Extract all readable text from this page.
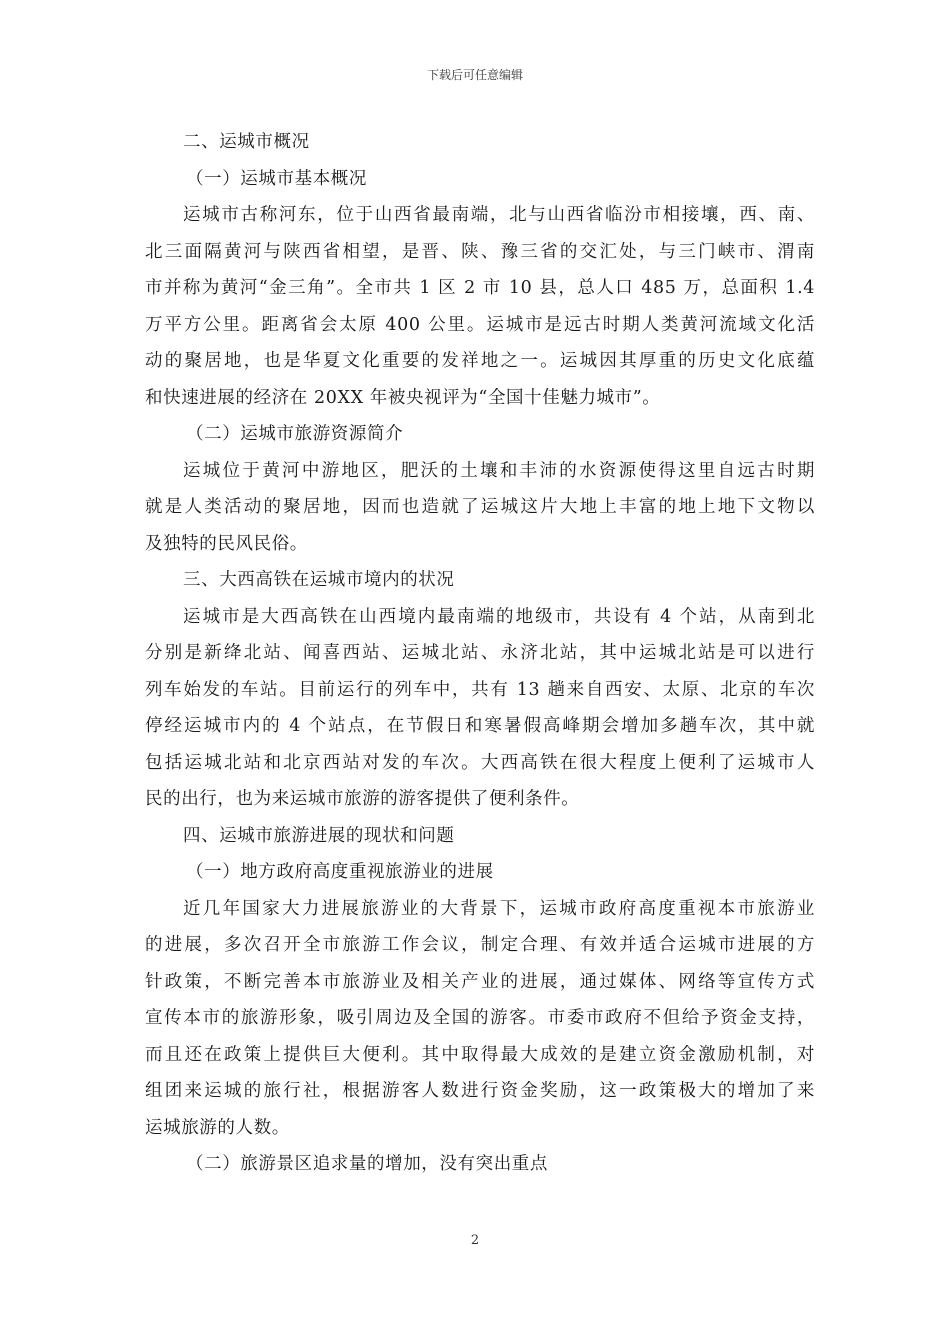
下载后可任意编辑
二、运城市概况
（一）运城市基本概况
运城市古称河东，位于山西省最南端，北与山西省临汾市相接壤，西、南、
北三面隔黄河与陕西省相望，是晋、陕、豫三省的交汇处，与三门峡市、渭南
市并称为黄河“金三角”。全市共 1 区 2 市 10 县，总人口 485 万，总面积 1.4
万平方公里。距离省会太原 400 公里。运城市是远古时期人类黄河流域文化活
动的聚居地，也是华夏文化重要的发祥地之一。运城因其厚重的历史文化底蕴
和快速进展的经济在 20XX 年被央视评为“全国十佳魅力城市”。
（二）运城市旅游资源简介
运城位于黄河中游地区，肥沃的土壤和丰沛的水资源使得这里自远古时期
就是人类活动的聚居地，因而也造就了运城这片大地上丰富的地上地下文物以
及独特的民风民俗。
三、大西高铁在运城市境内的状况
运城市是大西高铁在山西境内最南端的地级市，共设有 4 个站，从南到北
分别是新绛北站、闻喜西站、运城北站、永济北站，其中运城北站是可以进行
列车始发的车站。目前运行的列车中，共有 13 趟来自西安、太原、北京的车次
停经运城市内的 4 个站点，在节假日和寒暑假高峰期会增加多趟车次，其中就
包括运城北站和北京西站对发的车次。大西高铁在很大程度上便利了运城市人
民的出行，也为来运城市旅游的游客提供了便利条件。
四、运城市旅游进展的现状和问题
（一）地方政府高度重视旅游业的进展
近几年国家大力进展旅游业的大背景下，运城市政府高度重视本市旅游业
的进展，多次召开全市旅游工作会议，制定合理、有效并适合运城市进展的方
针政策，不断完善本市旅游业及相关产业的进展，通过媒体、网络等宣传方式
宣传本市的旅游形象，吸引周边及全国的游客。市委市政府不但给予资金支持，
而且还在政策上提供巨大便利。其中取得最大成效的是建立资金激励机制，对
组团来运城的旅行社，根据游客人数进行资金奖励，这一政策极大的增加了来
运城旅游的人数。
（二）旅游景区追求量的增加，没有突出重点
2
